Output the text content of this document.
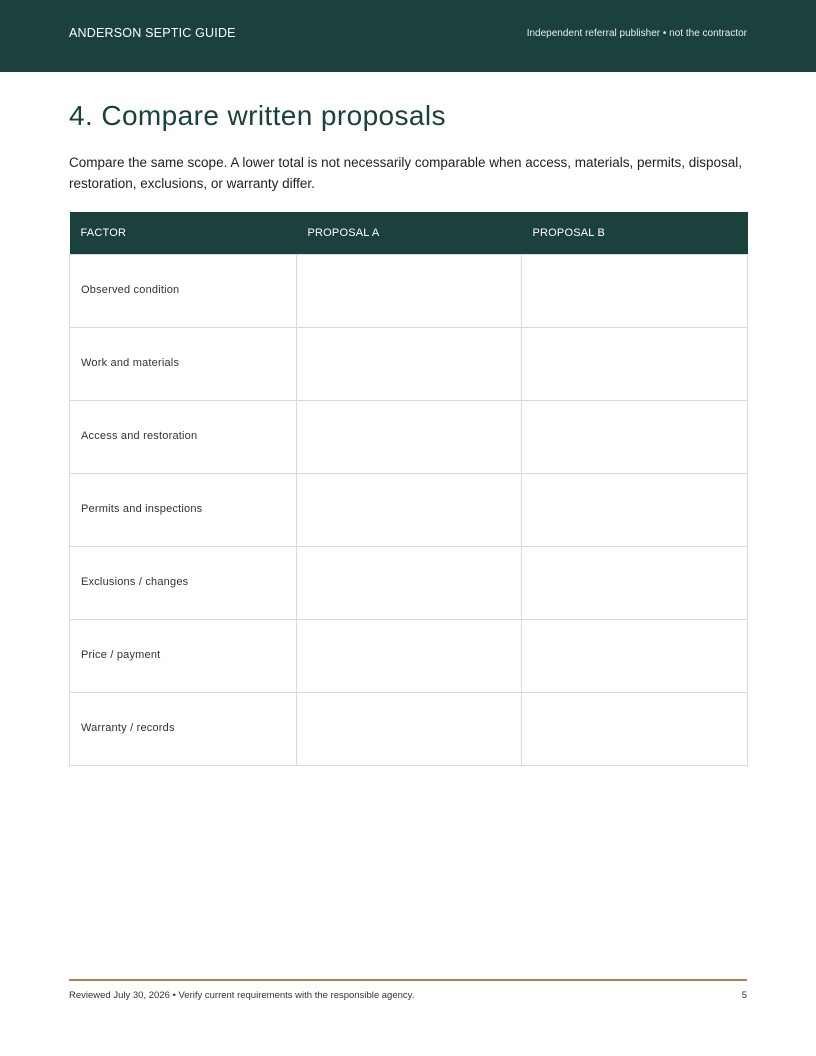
ANDERSON SEPTIC GUIDE	Independent referral publisher • not the contractor
4. Compare written proposals

Compare the same scope. A lower total is not necessarily comparable when access, materials, permits, disposal, restoration, exclusions, or warranty differ.

FACTOR	PROPOSAL A	PROPOSAL B
Observed condition		
Work and materials		
Access and restoration		
Permits and inspections		
Exclusions / changes		
Price / payment		
Warranty / records		
Reviewed July 30, 2026 • Verify current requirements with the responsible agency.	5
